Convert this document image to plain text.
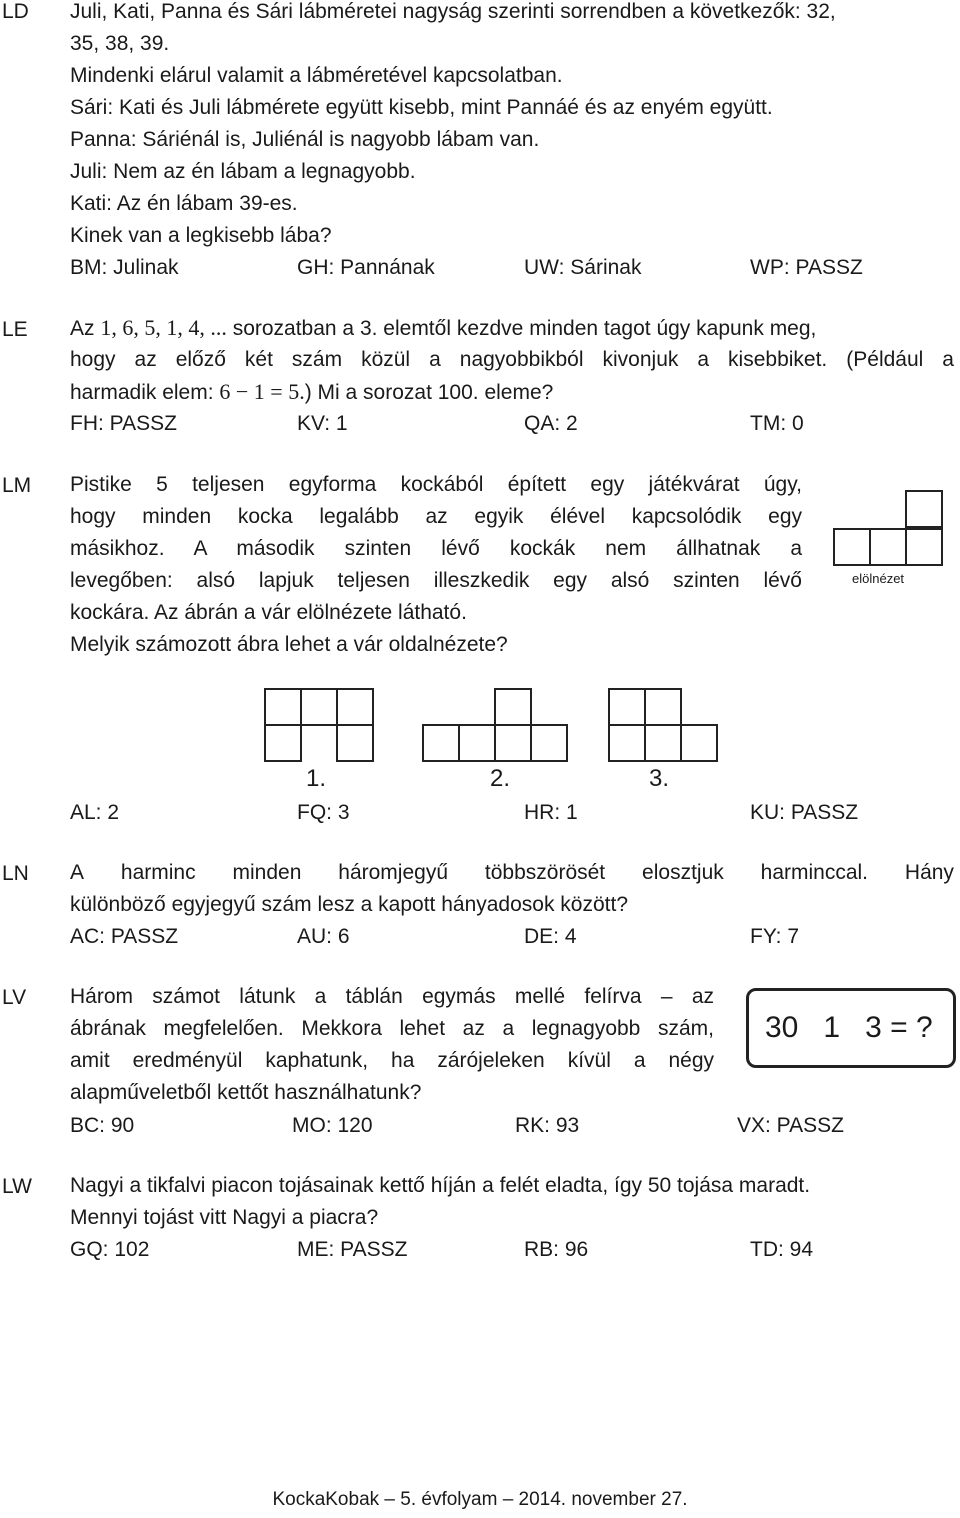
LD Juli, Kati, Panna és Sári lábméretei nagyság szerinti sorrendben a következők: 32,
35, 38, 39.
Mindenki elárul valamit a lábméretével kapcsolatban.
Sári: Kati és Juli lábmérete együtt kisebb, mint Pannáé és az enyém együtt.
Panna: Sáriénál is, Juliénál is nagyobb lábam van.
Juli: Nem az én lábam a legnagyobb.
Kati: Az én lábam 39-es.
Kinek van a legkisebb lába?
BM: Julinak	GH: Pannának	UW: Sárinak	WP: PASSZ
LE Az 1, 6, 5, 1, 4, ... sorozatban a 3. elemtől kezdve minden tagot úgy kapunk meg,
hogy az előző két szám közül a nagyobbikból kivonjuk a kisebbiket. (Például a
harmadik elem: 6 − 1 = 5.) Mi a sorozat 100. eleme?
FH: PASSZ	KV: 1	QA: 2	TM: 0
LM Pistike 5 teljesen egyforma kockából épített egy játékvárat úgy,
hogy minden kocka legalább az egyik élével kapcsolódik egy
másikhoz. A második szinten lévő kockák nem állhatnak a
levegőben: alsó lapjuk teljesen illeszkedik egy alsó szinten lévő
kockára. Az ábrán a vár elölnézete látható.
Melyik számozott ábra lehet a vár oldalnézete?
elölnézet
1.	2.	3.
AL: 2	FQ: 3	HR: 1	KU: PASSZ
LN A harminc minden háromjegyű többszörösét elosztjuk harminccal. Hány
különböző egyjegyű szám lesz a kapott hányadosok között?
AC: PASSZ	AU: 6	DE: 4	FY: 7
LV Három számot látunk a táblán egymás mellé felírva – az
ábrának megfelelően. Mekkora lehet az a legnagyobb szám,
amit eredményül kaphatunk, ha zárójeleken kívül a négy
alapműveletből kettőt használhatunk?
30   1   3 = ?
BC: 90	MO: 120	RK: 93	VX: PASSZ
LW Nagyi a tikfalvi piacon tojásainak kettő híján a felét eladta, így 50 tojása maradt.
Mennyi tojást vitt Nagyi a piacra?
GQ: 102	ME: PASSZ	RB: 96	TD: 94
KockaKobak – 5. évfolyam – 2014. november 27.
